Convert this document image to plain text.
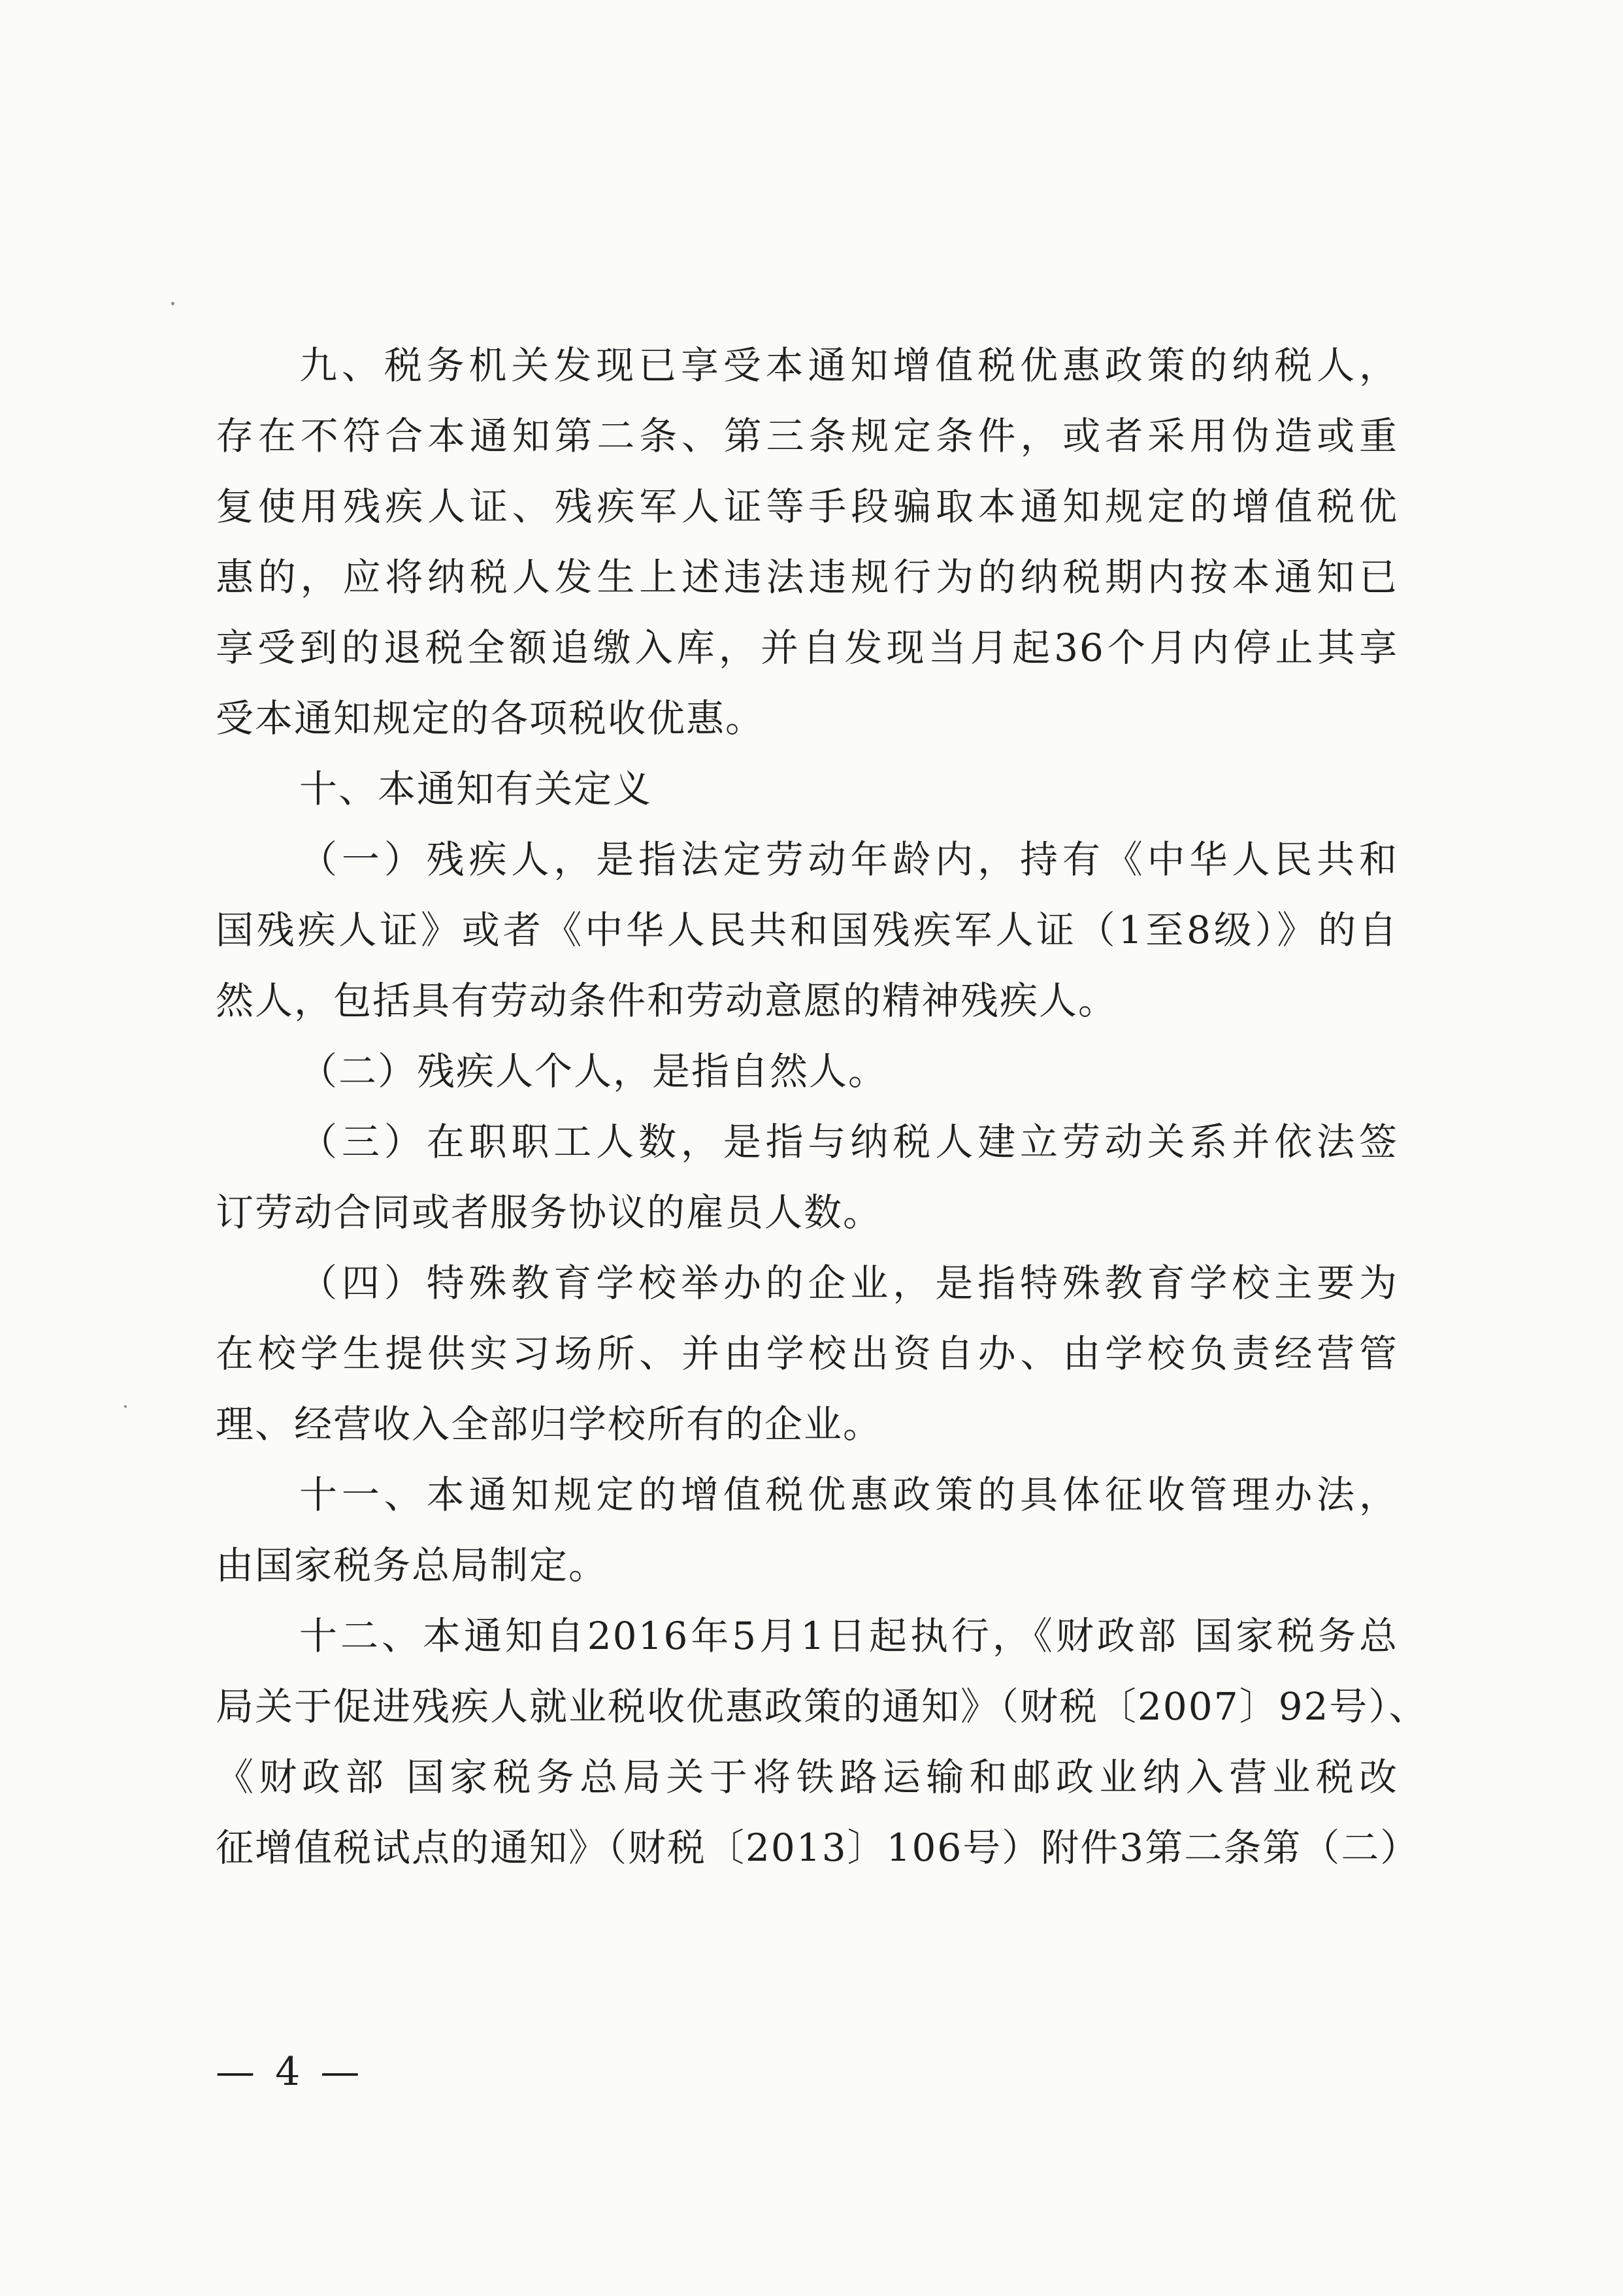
九、税务机关发现已享受本通知增值税优惠政策的纳税人，
存在不符合本通知第二条、第三条规定条件，或者采用伪造或重
复使用残疾人证、残疾军人证等手段骗取本通知规定的增值税优
惠的，应将纳税人发生上述违法违规行为的纳税期内按本通知已
享受到的退税全额追缴入库，并自发现当月起36个月内停止其享
受本通知规定的各项税收优惠。
十、本通知有关定义
（一）残疾人，是指法定劳动年龄内，持有《中华人民共和
国残疾人证》或者《中华人民共和国残疾军人证（1至8级）》的自
然人，包括具有劳动条件和劳动意愿的精神残疾人。
（二）残疾人个人，是指自然人。
（三）在职职工人数，是指与纳税人建立劳动关系并依法签
订劳动合同或者服务协议的雇员人数。
（四）特殊教育学校举办的企业，是指特殊教育学校主要为
在校学生提供实习场所、并由学校出资自办、由学校负责经营管
理、经营收入全部归学校所有的企业。
十一、本通知规定的增值税优惠政策的具体征收管理办法，
由国家税务总局制定。
十二、本通知自2016年5月1日起执行，《财政部 国家税务总
局关于促进残疾人就业税收优惠政策的通知》（财税〔2007〕92号）、
《财政部 国家税务总局关于将铁路运输和邮政业纳入营业税改
征增值税试点的通知》（财税〔2013〕106号）附件3第二条第（二）
— 4 —
